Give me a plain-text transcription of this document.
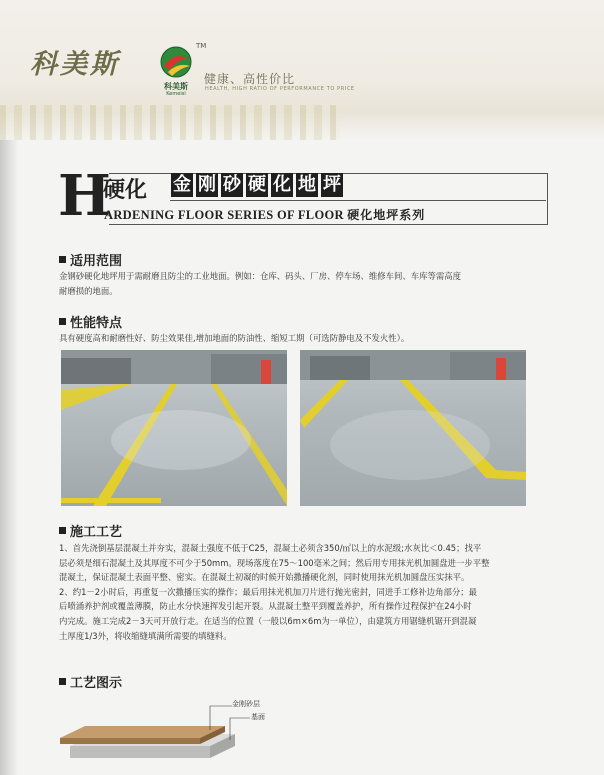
科美斯
TM
科美斯
Kemeisi
健康、高性价比
HEALTH, HIGH RATIO OF PERFORMANCE TO PRICE
H
硬化 金 刚 砂 硬 化 地 坪
ARDENING FLOOR SERIES OF FLOOR 硬化地坪系列
适用范围
金钢砂硬化地坪用于需耐磨且防尘的工业地面。例如：仓库、码头、厂房、停车场、维修车间、车库等需高度
耐磨损的地面。
性能特点
具有硬度高和耐磨性好、防尘效果佳,增加地面的防油性、缩短工期（可选防静电及不发火性）。
施工工艺
1、首先浇倒基层混凝土并夯实，混凝土强度不低于C25，混凝土必须含350/㎡以上的水泥级;水灰比＜0.45；找平
层必须是细石混凝土及其厚度不可少于50mm。现场落度在75～100毫米之间；然后用专用抹光机加圆盘进一步平整
混凝土，保证混凝土表面平整、密实。在混凝土初凝的时候开始撒播硬化剂，同时使用抹光机加圆盘压实抹平。
2、约1－2小时后，再重复一次撒播压实的操作；最后用抹光机加刀片进行抛光密封，同进手工修补边角部分；最
后喷涌养护剂或覆盖薄膜，防止水分快速挥发引起开裂。从混凝土整平到覆盖养护，所有操作过程保护在24小时
内完成。施工完成2－3天可开放行走。在适当的位置（一般以6m×6m为一单位），由建筑方用锯缝机锯开到混凝
土厚度1/3外，将收缩缝填满所需要的填缝料。
工艺图示
金刚砂层
基面
